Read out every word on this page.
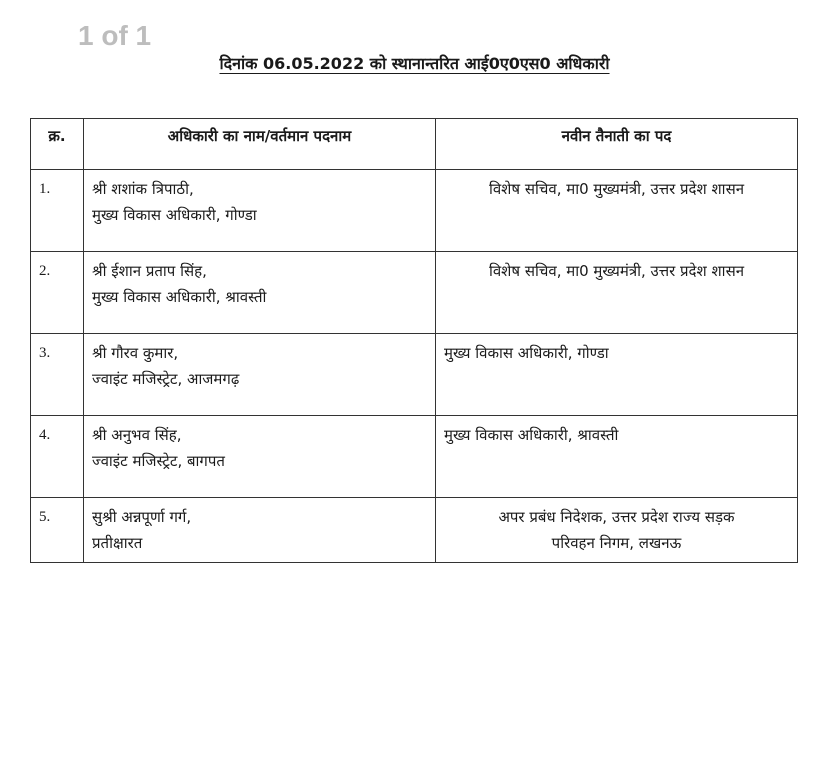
1 of 1
दिनांक 06.05.2022 को स्थानान्तरित आई0ए0एस0 अधिकारी
क्र.	अधिकारी का नाम/वर्तमान पदनाम	नवीन तैनाती का पद
1.	श्री शशांक त्रिपाठी,
मुख्य विकास अधिकारी, गोण्डा	विशेष सचिव, मा0 मुख्यमंत्री, उत्तर प्रदेश शासन

2.	श्री ईशान प्रताप सिंह,
मुख्य विकास अधिकारी, श्रावस्ती	विशेष सचिव, मा0 मुख्यमंत्री, उत्तर प्रदेश शासन

3.	श्री गौरव कुमार,
ज्वाइंट मजिस्ट्रेट, आजमगढ़	मुख्य विकास अधिकारी, गोण्डा

4.	श्री अनुभव सिंह,
ज्वाइंट मजिस्ट्रेट, बागपत	मुख्य विकास अधिकारी, श्रावस्ती

5.	सुश्री अन्नपूर्णा गर्ग,
प्रतीक्षारत	अपर प्रबंध निदेशक, उत्तर प्रदेश राज्य सड़क
परिवहन निगम, लखनऊ
